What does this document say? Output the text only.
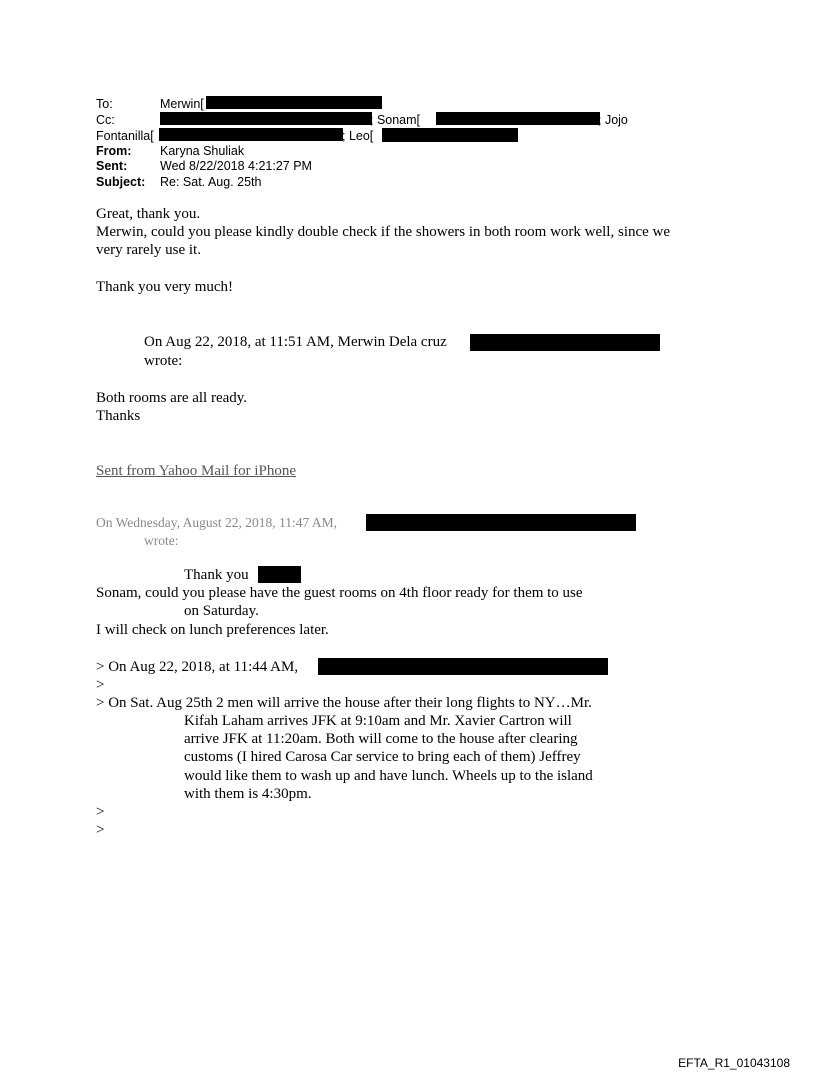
To:	Merwin[
Cc:	; Sonam[	; Jojo
Fontanilla[	; Leo[
From: Karyna Shuliak
Sent:	Wed 8/22/2018 4:21:27 PM
Subject: Re: Sat. Aug. 25th
Great, thank you.
Merwin, could you please kindly double check if the showers in both room work well, since we
very rarely use it.
Thank you very much!
On Aug 22, 2018, at 11:51 AM, Merwin Dela cruz
wrote:
Both rooms are all ready.
Thanks
Sent from Yahoo Mail for iPhone
On Wednesday, August 22, 2018, 11:47 AM,
wrote:
Thank you
Sonam, could you please have the guest rooms on 4th floor ready for them to use
on Saturday.
I will check on lunch preferences later.
> On Aug 22, 2018, at 11:44 AM,
>
> On Sat. Aug 25th 2 men will arrive the house after their long flights to NY…Mr.
Kifah Laham arrives JFK at 9:10am and Mr. Xavier Cartron will
arrive JFK at 11:20am. Both will come to the house after clearing
customs (I hired Carosa Car service to bring each of them) Jeffrey
would like them to wash up and have lunch. Wheels up to the island
with them is 4:30pm.
>
>
EFTA_R1_01043108
